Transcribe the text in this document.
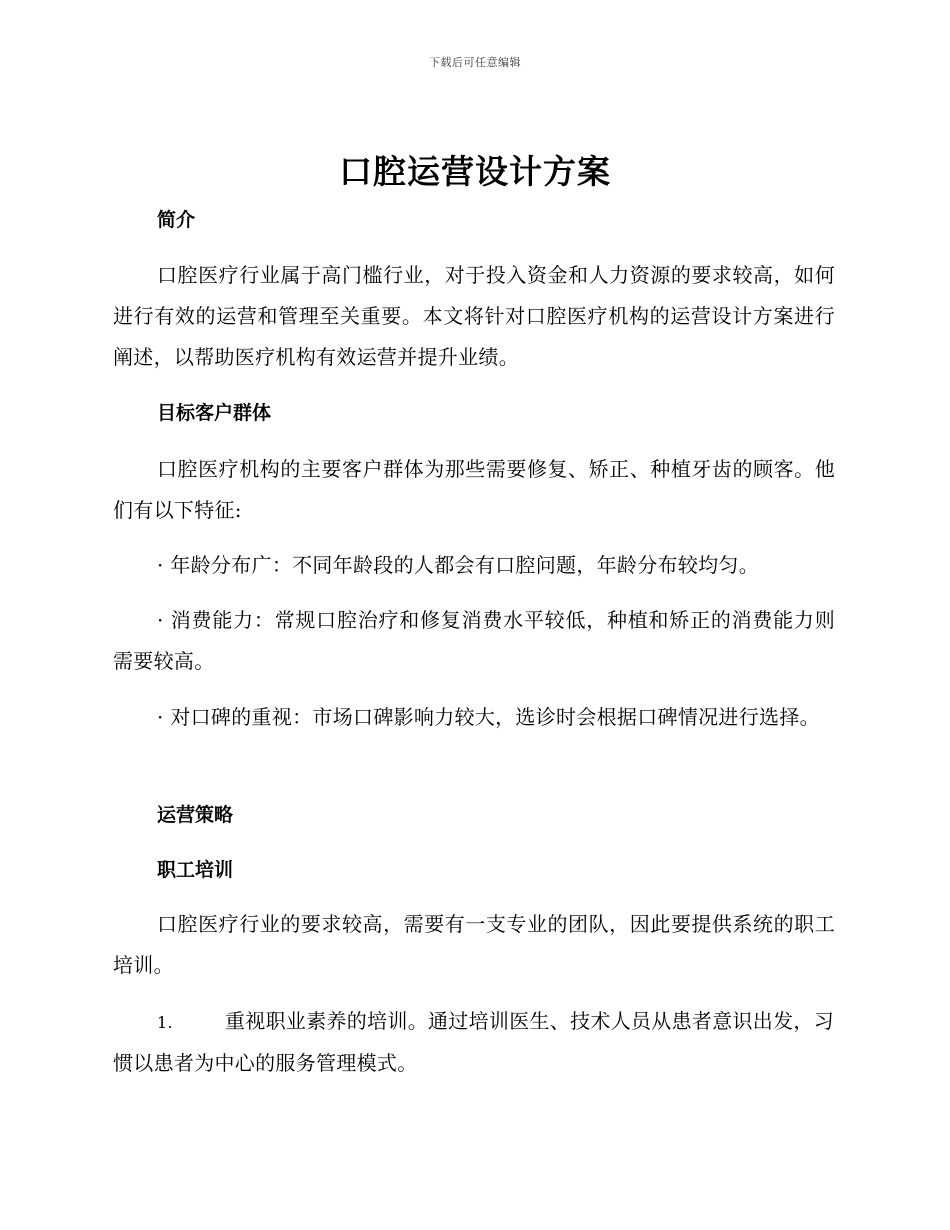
下载后可任意编辑
口腔运营设计方案
简介

口腔医疗行业属于高门槛行业，对于投入资金和人力资源的要求较高，如何进行有效的运营和管理至关重要。本文将针对口腔医疗机构的运营设计方案进行阐述，以帮助医疗机构有效运营并提升业绩。

目标客户群体

口腔医疗机构的主要客户群体为那些需要修复、矫正、种植牙齿的顾客。他们有以下特征:

· 年龄分布广：不同年龄段的人都会有口腔问题，年龄分布较均匀。

· 消费能力：常规口腔治疗和修复消费水平较低，种植和矫正的消费能力则需要较高。

· 对口碑的重视：市场口碑影响力较大，选诊时会根据口碑情况进行选择。

运营策略
职工培训

口腔医疗行业的要求较高，需要有一支专业的团队，因此要提供系统的职工培训。

1.	重视职业素养的培训。通过培训医生、技术人员从患者意识出发，习惯以患者为中心的服务管理模式。
